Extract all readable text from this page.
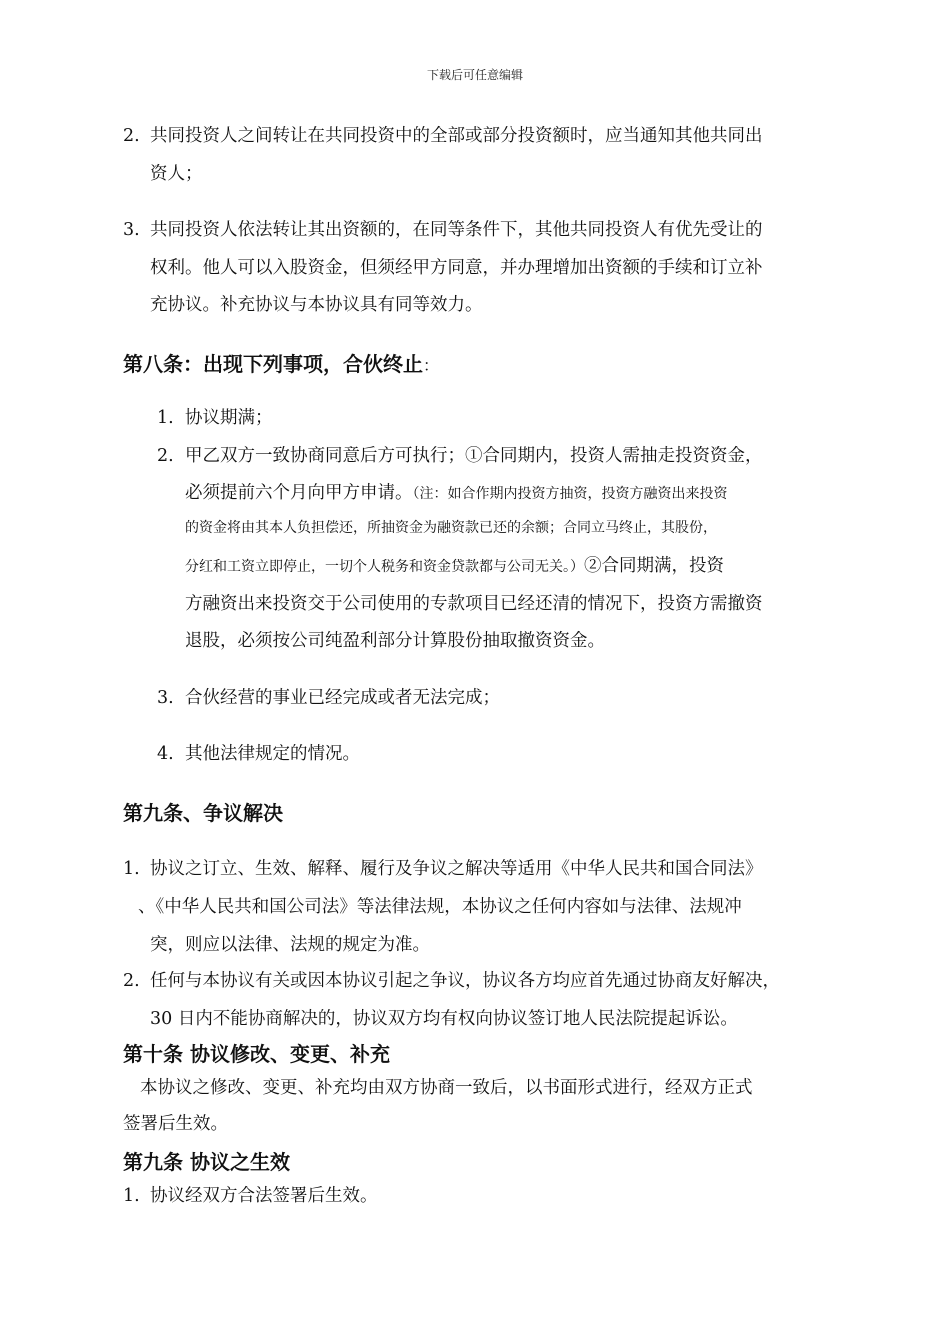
下载后可任意编辑
2. 共同投资人之间转让在共同投资中的全部或部分投资额时，应当通知其他共同出
资人；
3. 共同投资人依法转让其出资额的，在同等条件下，其他共同投资人有优先受让的
权利。他人可以入股资金，但须经甲方同意，并办理增加出资额的手续和订立补
充协议。补充协议与本协议具有同等效力。
第八条：出现下列事项，合伙终止：
1. 协议期满；
2. 甲乙双方一致协商同意后方可执行；①合同期内，投资人需抽走投资资金，
必须提前六个月向甲方申请。（注：如合作期内投资方抽资，投资方融资出来投资
的资金将由其本人负担偿还，所抽资金为融资款已还的余额；合同立马终止，其股份，
分红和工资立即停止，一切个人税务和资金贷款都与公司无关。）②合同期满，投资
方融资出来投资交于公司使用的专款项目已经还清的情况下，投资方需撤资
退股，必须按公司纯盈利部分计算股份抽取撤资资金。
3. 合伙经营的事业已经完成或者无法完成；
4. 其他法律规定的情况。
第九条、争议解决
1. 协议之订立、生效、解释、履行及争议之解决等适用《中华人民共和国合同法》
、《中华人民共和国公司法》等法律法规，本协议之任何内容如与法律、法规冲
突，则应以法律、法规的规定为准。
2. 任何与本协议有关或因本协议引起之争议，协议各方均应首先通过协商友好解决，
30 日内不能协商解决的，协议双方均有权向协议签订地人民法院提起诉讼。
第十条 协议修改、变更、补充
本协议之修改、变更、补充均由双方协商一致后，以书面形式进行，经双方正式
签署后生效。
第九条 协议之生效
1. 协议经双方合法签署后生效。
